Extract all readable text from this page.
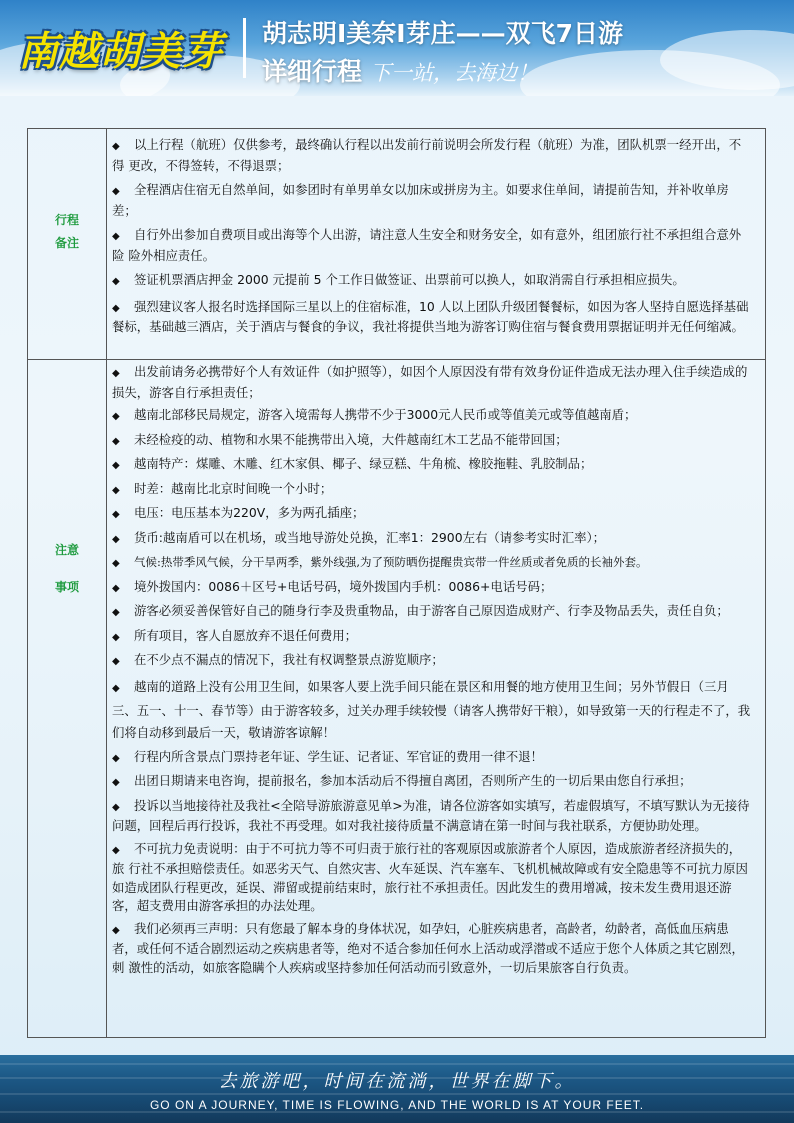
南越胡美芽 胡志明I美奈I芽庄——双飞7日游
详细行程 下一站，去海边！
行程
备注

◆ 以上行程（航班）仅供参考，最终确认行程以出发前行前说明会所发行程（航班）为准，团队机票一经开出，不得 更改，不得签转，不得退票；

◆ 全程酒店住宿无自然单间，如参团时有单男单女以加床或拼房为主。如要求住单间，请提前告知，并补收单房差；

◆ 自行外出参加自费项目或出海等个人出游，请注意人生安全和财务安全，如有意外，组团旅行社不承担组合意外险 险外相应责任。

◆ 签证机票酒店押金 2000 元提前 5 个工作日做签证、出票前可以换人，如取消需自行承担相应损失。

◆ 强烈建议客人报名时选择国际三星以上的住宿标准，10 人以上团队升级团餐餐标，如因为客人坚持自愿选择基础 餐标，基础越三酒店，关于酒店与餐食的争议，我社将提供当地为游客订购住宿与餐食费用票据证明并无任何缩减。

注意
事项

◆ 出发前请务必携带好个人有效证件（如护照等），如因个人原因没有带有效身份证件造成无法办理入住手续造成的 损失，游客自行承担责任；

◆ 越南北部移民局规定，游客入境需每人携带不少于3000元人民币或等值美元或等值越南盾；

◆ 未经检疫的动、植物和水果不能携带出入境，大件越南红木工艺品不能带回国；

◆ 越南特产：煤雕、木雕、红木家俱、椰子、绿豆糕、牛角梳、橡胶拖鞋、乳胶制品；

◆ 时差：越南比北京时间晚一个小时；

◆ 电压：电压基本为220V，多为两孔插座；

◆ 货币:越南盾可以在机场，或当地导游处兑换，汇率1：2900左右（请参考实时汇率）；

◆ 气候:热带季风气候，分干旱两季，紫外线强,为了预防晒伤提醒贵宾带一件丝质或者免质的长袖外套。

◆ 境外拨国内：0086＋区号+电话号码，境外拨国内手机：0086+电话号码；

◆ 游客必须妥善保管好自己的随身行李及贵重物品，由于游客自己原因造成财产、行李及物品丢失，责任自负；

◆ 所有项目，客人自愿放弃不退任何费用；

◆ 在不少点不漏点的情况下，我社有权调整景点游览顺序；

◆ 越南的道路上没有公用卫生间，如果客人要上洗手间只能在景区和用餐的地方使用卫生间；另外节假日（三月三、五一、十一、春节等）由于游客较多，过关办理手续较慢（请客人携带好干粮），如导致第一天的行程走不了，我 们将自动移到最后一天，敬请游客谅解！

◆ 行程内所含景点门票持老年证、学生证、记者证、军官证的费用一律不退！

◆ 出团日期请来电咨询，提前报名，参加本活动后不得擅自离团，否则所产生的一切后果由您自行承担；

◆ 投诉以当地接待社及我社<全陪导游旅游意见单>为准，请各位游客如实填写，若虚假填写，不填写默认为无接待 问题，回程后再行投诉，我社不再受理。如对我社接待质量不满意请在第一时间与我社联系，方便协助处理。

◆ 不可抗力免责说明：由于不可抗力等不可归责于旅行社的客观原因或旅游者个人原因，造成旅游者经济损失的，旅 行社不承担赔偿责任。如恶劣天气、自然灾害、火车延误、汽车塞车、飞机机械故障或有安全隐患等不可抗力原因 如造成团队行程更改，延误、滞留或提前结束时，旅行社不承担责任。因此发生的费用增减，按未发生费用退还游 客，超支费用由游客承担的办法处理。

◆ 我们必须再三声明：只有您最了解本身的身体状况，如孕妇，心脏疾病患者，高龄者，幼龄者，高低血压病患者，或任何不适合剧烈运动之疾病患者等，绝对不适合参加任何水上活动或浮潜或不适应于您个人体质之其它剧烈，刺 激性的活动，如旅客隐瞒个人疾病或坚持参加任何活动而引致意外，一切后果旅客自行负责。

去旅游吧，时间在流淌，世界在脚下。
GO ON A JOURNEY, TIME IS FLOWING, AND THE WORLD IS AT YOUR FEET.
